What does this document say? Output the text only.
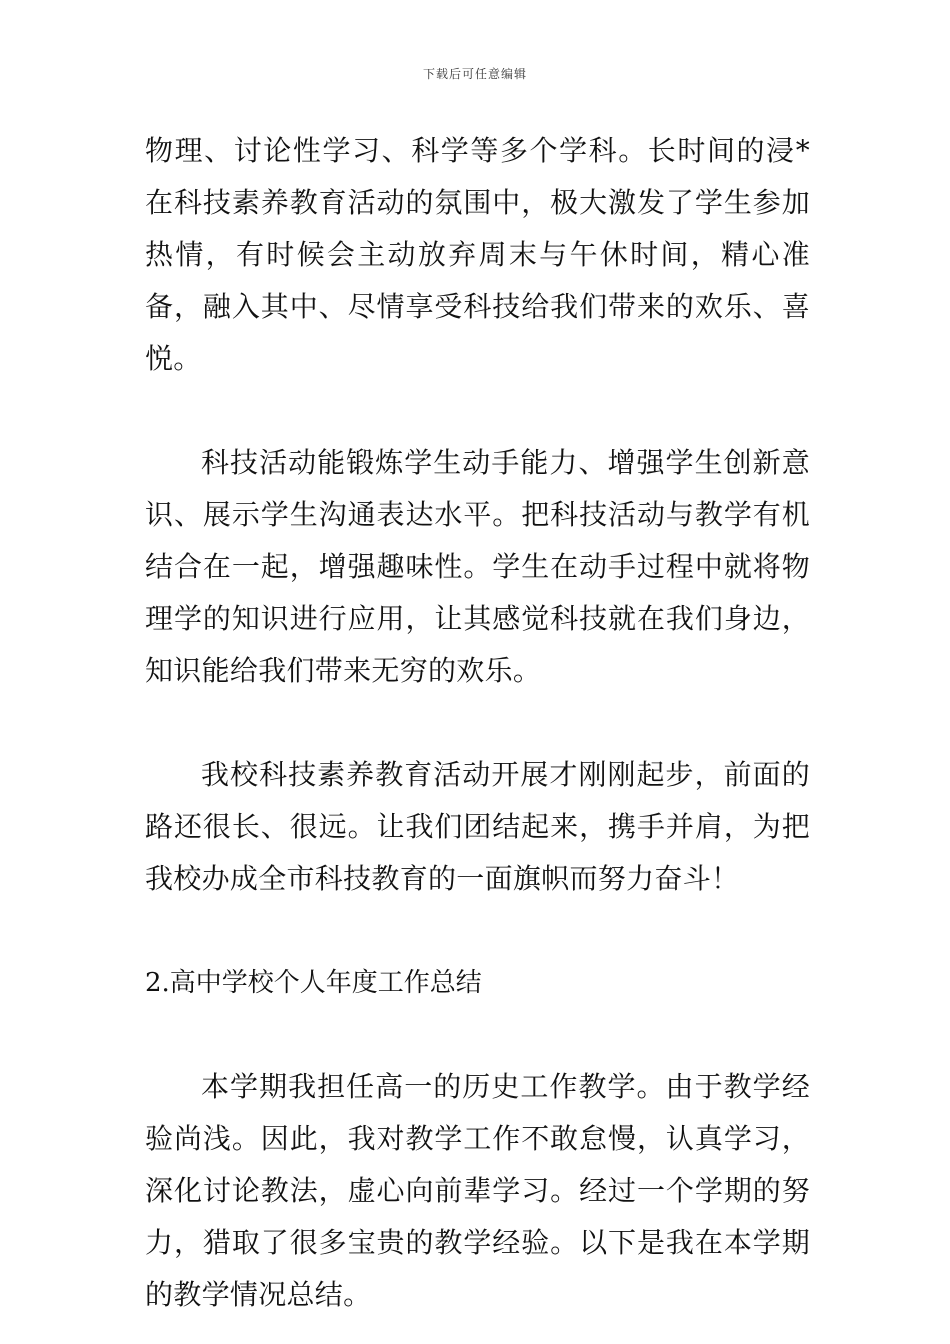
下载后可任意编辑

物理、讨论性学习、科学等多个学科。长时间的浸*在科技素养教育活动的氛围中，极大激发了学生参加热情，有时候会主动放弃周末与午休时间，精心准备，融入其中、尽情享受科技给我们带来的欢乐、喜悦。

科技活动能锻炼学生动手能力、增强学生创新意识、展示学生沟通表达水平。把科技活动与教学有机结合在一起，增强趣味性。学生在动手过程中就将物理学的知识进行应用，让其感觉科技就在我们身边，知识能给我们带来无穷的欢乐。

我校科技素养教育活动开展才刚刚起步，前面的路还很长、很远。让我们团结起来，携手并肩，为把我校办成全市科技教育的一面旗帜而努力奋斗！

2.高中学校个人年度工作总结

本学期我担任高一的历史工作教学。由于教学经验尚浅。因此，我对教学工作不敢怠慢，认真学习，深化讨论教法，虚心向前辈学习。经过一个学期的努力，猎取了很多宝贵的教学经验。以下是我在本学期的教学情况总结。
